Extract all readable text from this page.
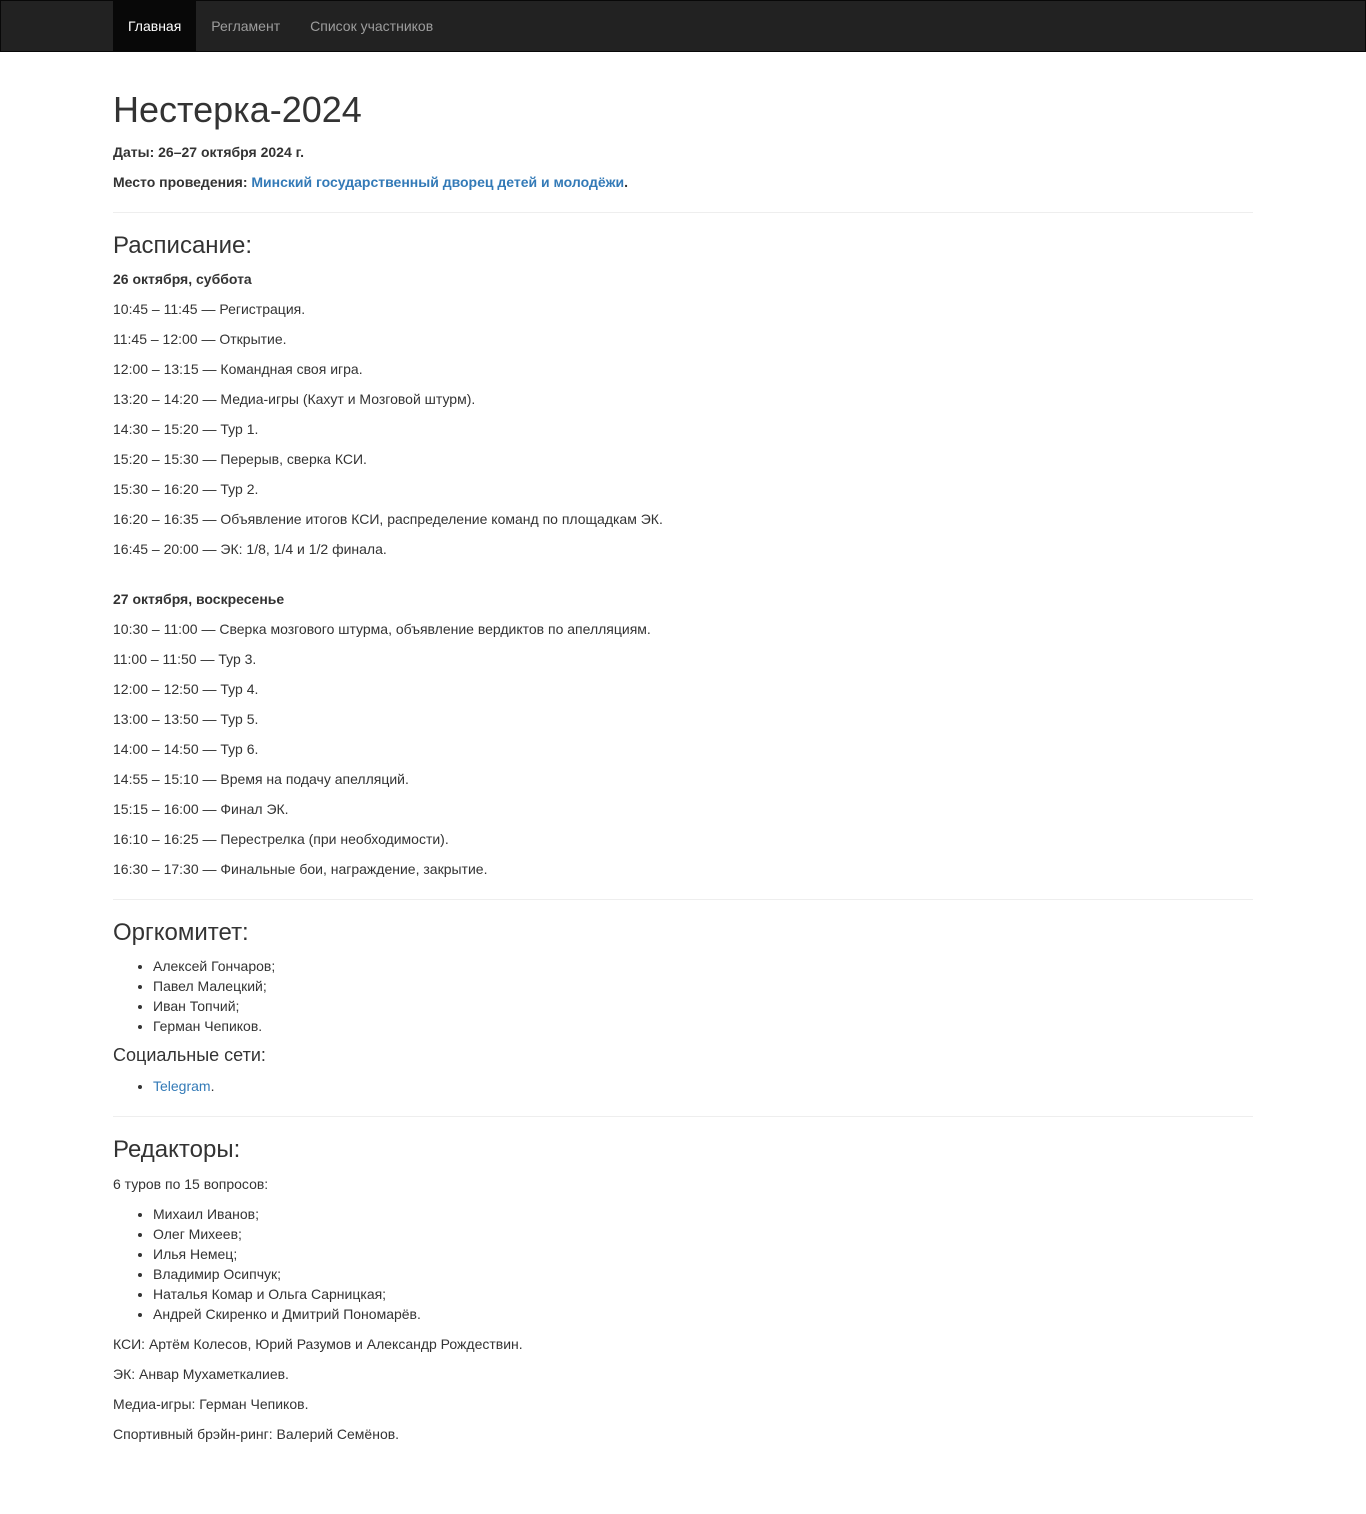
Главная	Регламент	Список участников
Нестерка-2024
Даты: 26–27 октября 2024 г.
Место проведения: Минский государственный дворец детей и молодёжи.
Расписание:
26 октября, суббота
10:45 – 11:45 — Регистрация.
11:45 – 12:00 — Открытие.
12:00 – 13:15 — Командная своя игра.
13:20 – 14:20 — Медиа-игры (Кахут и Мозговой штурм).
14:30 – 15:20 — Тур 1.
15:20 – 15:30 — Перерыв, сверка КСИ.
15:30 – 16:20 — Тур 2.
16:20 – 16:35 — Объявление итогов КСИ, распределение команд по площадкам ЭК.
16:45 – 20:00 — ЭК: 1/8, 1/4 и 1/2 финала.
27 октября, воскресенье
10:30 – 11:00 — Сверка мозгового штурма, объявление вердиктов по апелляциям.
11:00 – 11:50 — Тур 3.
12:00 – 12:50 — Тур 4.
13:00 – 13:50 — Тур 5.
14:00 – 14:50 — Тур 6.
14:55 – 15:10 — Время на подачу апелляций.
15:15 – 16:00 — Финал ЭК.
16:10 – 16:25 — Перестрелка (при необходимости).
16:30 – 17:30 — Финальные бои, награждение, закрытие.
Оргкомитет:
• Алексей Гончаров;
• Павел Малецкий;
• Иван Топчий;
• Герман Чепиков.
Социальные сети:
• Telegram.
Редакторы:
6 туров по 15 вопросов:
• Михаил Иванов;
• Олег Михеев;
• Илья Немец;
• Владимир Осипчук;
• Наталья Комар и Ольга Сарницкая;
• Андрей Скиренко и Дмитрий Пономарёв.
КСИ: Артём Колесов, Юрий Разумов и Александр Рождествин.
ЭК: Анвар Мухаметкалиев.
Медиа-игры: Герман Чепиков.
Спортивный брэйн-ринг: Валерий Семёнов.
